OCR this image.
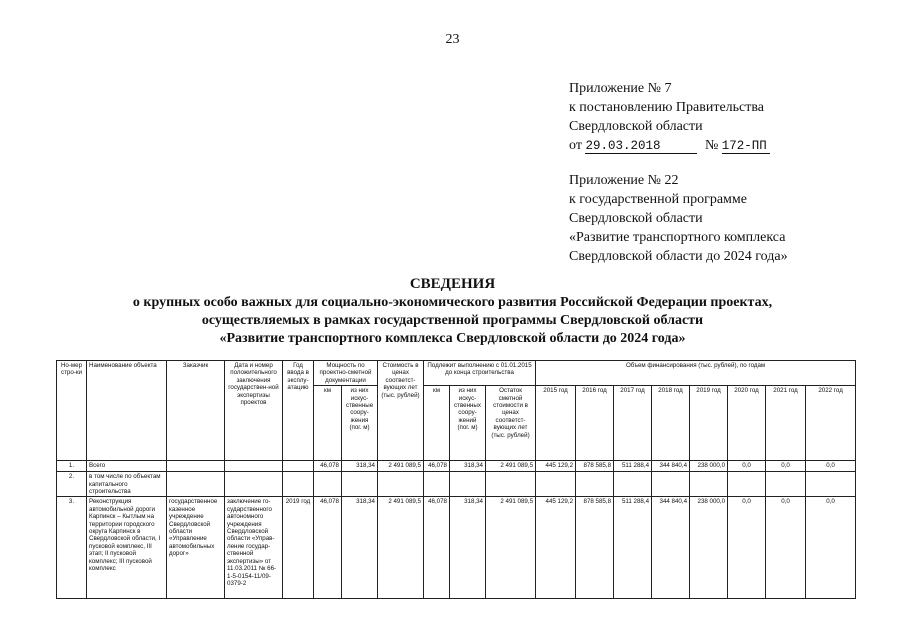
23
Приложение № 7
к постановлению Правительства
Свердловской области
от 29.03.2018	№ 172-ПП
Приложение № 22
к государственной программе
Свердловской области
«Развитие транспортного комплекса
Свердловской области до 2024 года»
СВЕДЕНИЯ
о крупных особо важных для социально-экономического развития Российской Федерации проектах,
осуществляемых в рамках государственной программы Свердловской области
«Развитие транспортного комплекса Свердловской области до 2024 года»
Но-мер стро-ки	Наименование объекта	Заказчик	Дата и номер положительного заключения государствен-ной экспертизы проектов	Год ввода в эксплу-атацию	Мощность по проектно-сметной документации		Стоимость в ценах соответст-вующих лет (тыс. рублей)	Подлежит выполнению с 01.01.2015 до конца строительства			Объем финансирования (тыс. рублей), по годам							
					км	из них искус-ственные соору-жения (пог. м)		км	из них искус-ственных соору-жений (пог. м)	Остаток сметной стоимости в ценах соответст-вующих лет (тыс. рублей)	2015 год	2016 год	2017 год	2018 год	2019 год	2020 год	2021 год	2022 год
1.	Всего				46,078	318,34	2 491 089,5	46,078	318,34	2 491 089,5	445 129,2	878 585,8	511 288,4	344 840,4	238 000,0	0,0	0,0	0,0
2.	в том числе по объектам капитального строительства																	
3.	Реконструкция автомобильной дороги Карпинск – Кытлым на территории городского округа Карпинск в Свердловской области, I пусковой комплекс, III этап; II пусковой комплекс; III пусковой комплекс	государственное казенное учреждение Свердловской области «Управление автомобильных дорог»	заключение го-сударственного автономного учреждения Свердловской области «Управ-ление государ-ственной экспертизы» от 11.03.2011 № 66-1-5-0154-11/09-0379-2	2019 год	46,078	318,34	2 491 089,5	46,078	318,34	2 491 089,5	445 129,2	878 585,8	511 288,4	344 840,4	238 000,0	0,0	0,0	0,0
